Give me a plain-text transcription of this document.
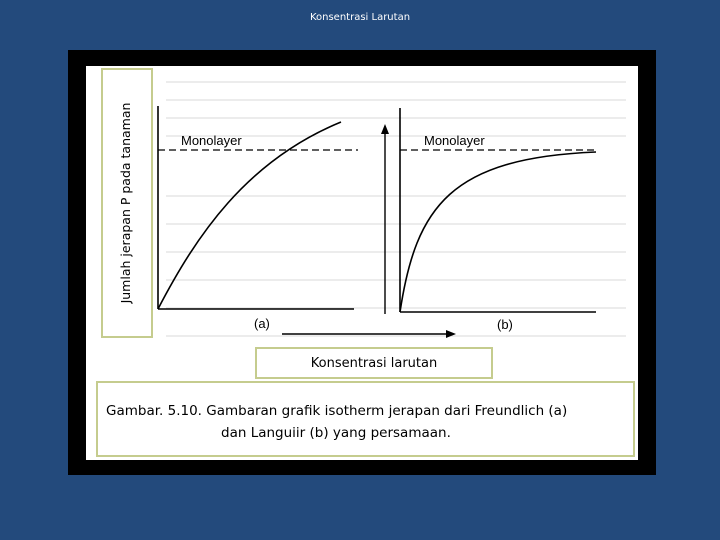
Konsentrasi Larutan
Monolayer
(a)
Monolayer
(b)
Jumlah jerapan P pada tanaman
Konsentrasi larutan
Gambar. 5.10. Gambaran grafik isotherm jerapan dari Freundlich (a)
dan Languiir (b) yang persamaan.
